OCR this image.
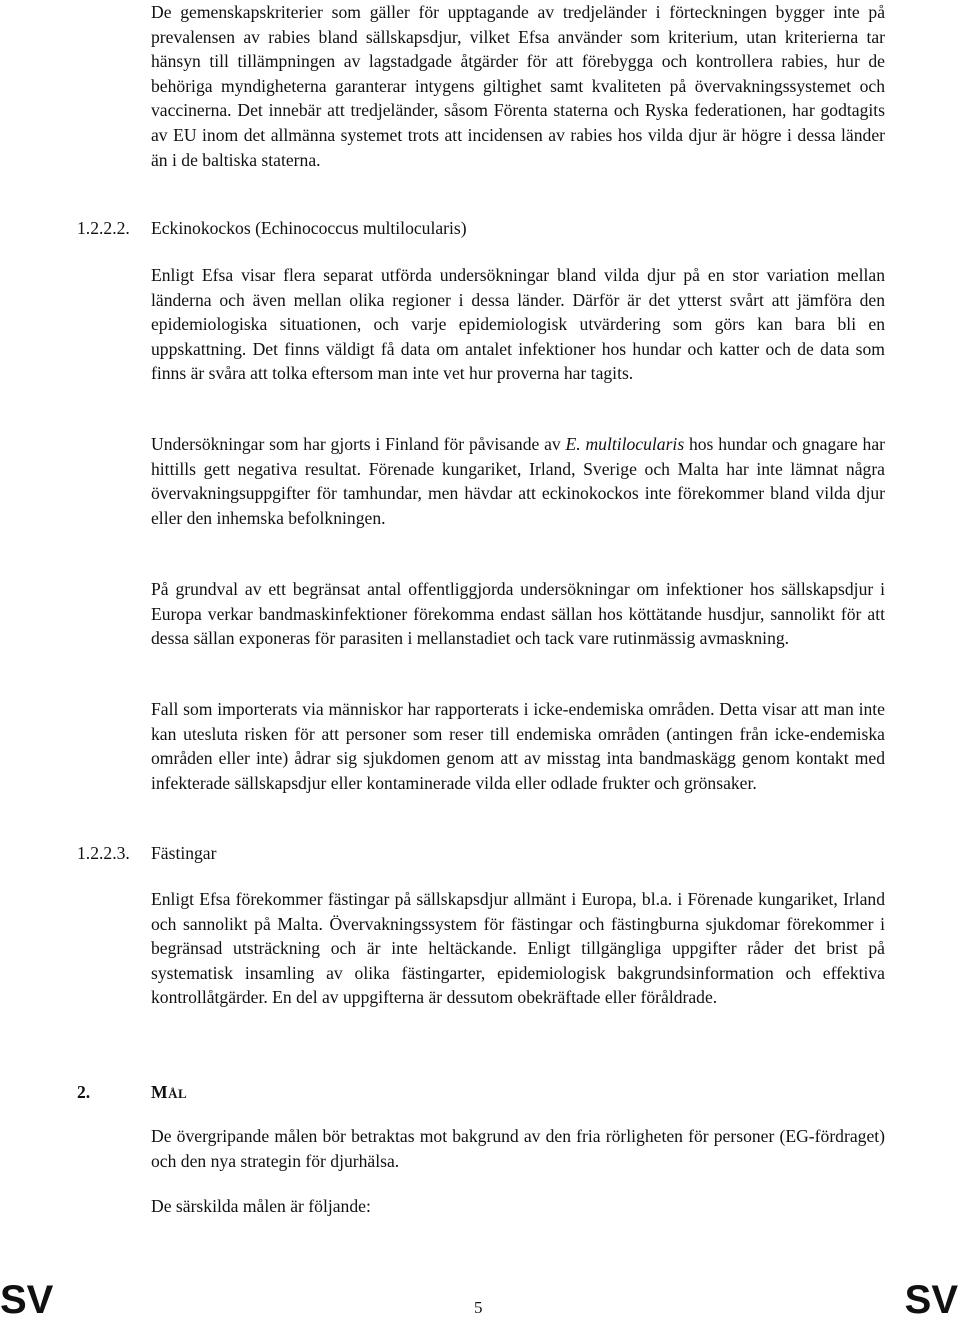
De gemenskapskriterier som gäller för upptagande av tredjeländer i förteckningen bygger inte på prevalensen av rabies bland sällskapsdjur, vilket Efsa använder som kriterium, utan kriterierna tar hänsyn till tillämpningen av lagstadgade åtgärder för att förebygga och kontrollera rabies, hur de behöriga myndigheterna garanterar intygens giltighet samt kvaliteten på övervakningssystemet och vaccinerna. Det innebär att tredjeländer, såsom Förenta staterna och Ryska federationen, har godtagits av EU inom det allmänna systemet trots att incidensen av rabies hos vilda djur är högre i dessa länder än i de baltiska staterna.

1.2.2.2. Eckinokockos (Echinococcus multilocularis)

Enligt Efsa visar flera separat utförda undersökningar bland vilda djur på en stor variation mellan länderna och även mellan olika regioner i dessa länder. Därför är det ytterst svårt att jämföra den epidemiologiska situationen, och varje epidemiologisk utvärdering som görs kan bara bli en uppskattning. Det finns väldigt få data om antalet infektioner hos hundar och katter och de data som finns är svåra att tolka eftersom man inte vet hur proverna har tagits.

Undersökningar som har gjorts i Finland för påvisande av E. multilocularis hos hundar och gnagare har hittills gett negativa resultat. Förenade kungariket, Irland, Sverige och Malta har inte lämnat några övervakningsuppgifter för tamhundar, men hävdar att eckinokockos inte förekommer bland vilda djur eller den inhemska befolkningen.

På grundval av ett begränsat antal offentliggjorda undersökningar om infektioner hos sällskapsdjur i Europa verkar bandmaskinfektioner förekomma endast sällan hos köttätande husdjur, sannolikt för att dessa sällan exponeras för parasiten i mellanstadiet och tack vare rutinmässig avmaskning.

Fall som importerats via människor har rapporterats i icke-endemiska områden. Detta visar att man inte kan utesluta risken för att personer som reser till endemiska områden (antingen från icke-endemiska områden eller inte) ådrar sig sjukdomen genom att av misstag inta bandmaskägg genom kontakt med infekterade sällskapsdjur eller kontaminerade vilda eller odlade frukter och grönsaker.

1.2.2.3. Fästingar

Enligt Efsa förekommer fästingar på sällskapsdjur allmänt i Europa, bl.a. i Förenade kungariket, Irland och sannolikt på Malta. Övervakningssystem för fästingar och fästingburna sjukdomar förekommer i begränsad utsträckning och är inte heltäckande. Enligt tillgängliga uppgifter råder det brist på systematisk insamling av olika fästingarter, epidemiologisk bakgrundsinformation och effektiva kontrollåtgärder. En del av uppgifterna är dessutom obekräftade eller föråldrade.

2.	MÅL

De övergripande målen bör betraktas mot bakgrund av den fria rörligheten för personer (EG-fördraget) och den nya strategin för djurhälsa.

De särskilda målen är följande:

SV	5	SV
